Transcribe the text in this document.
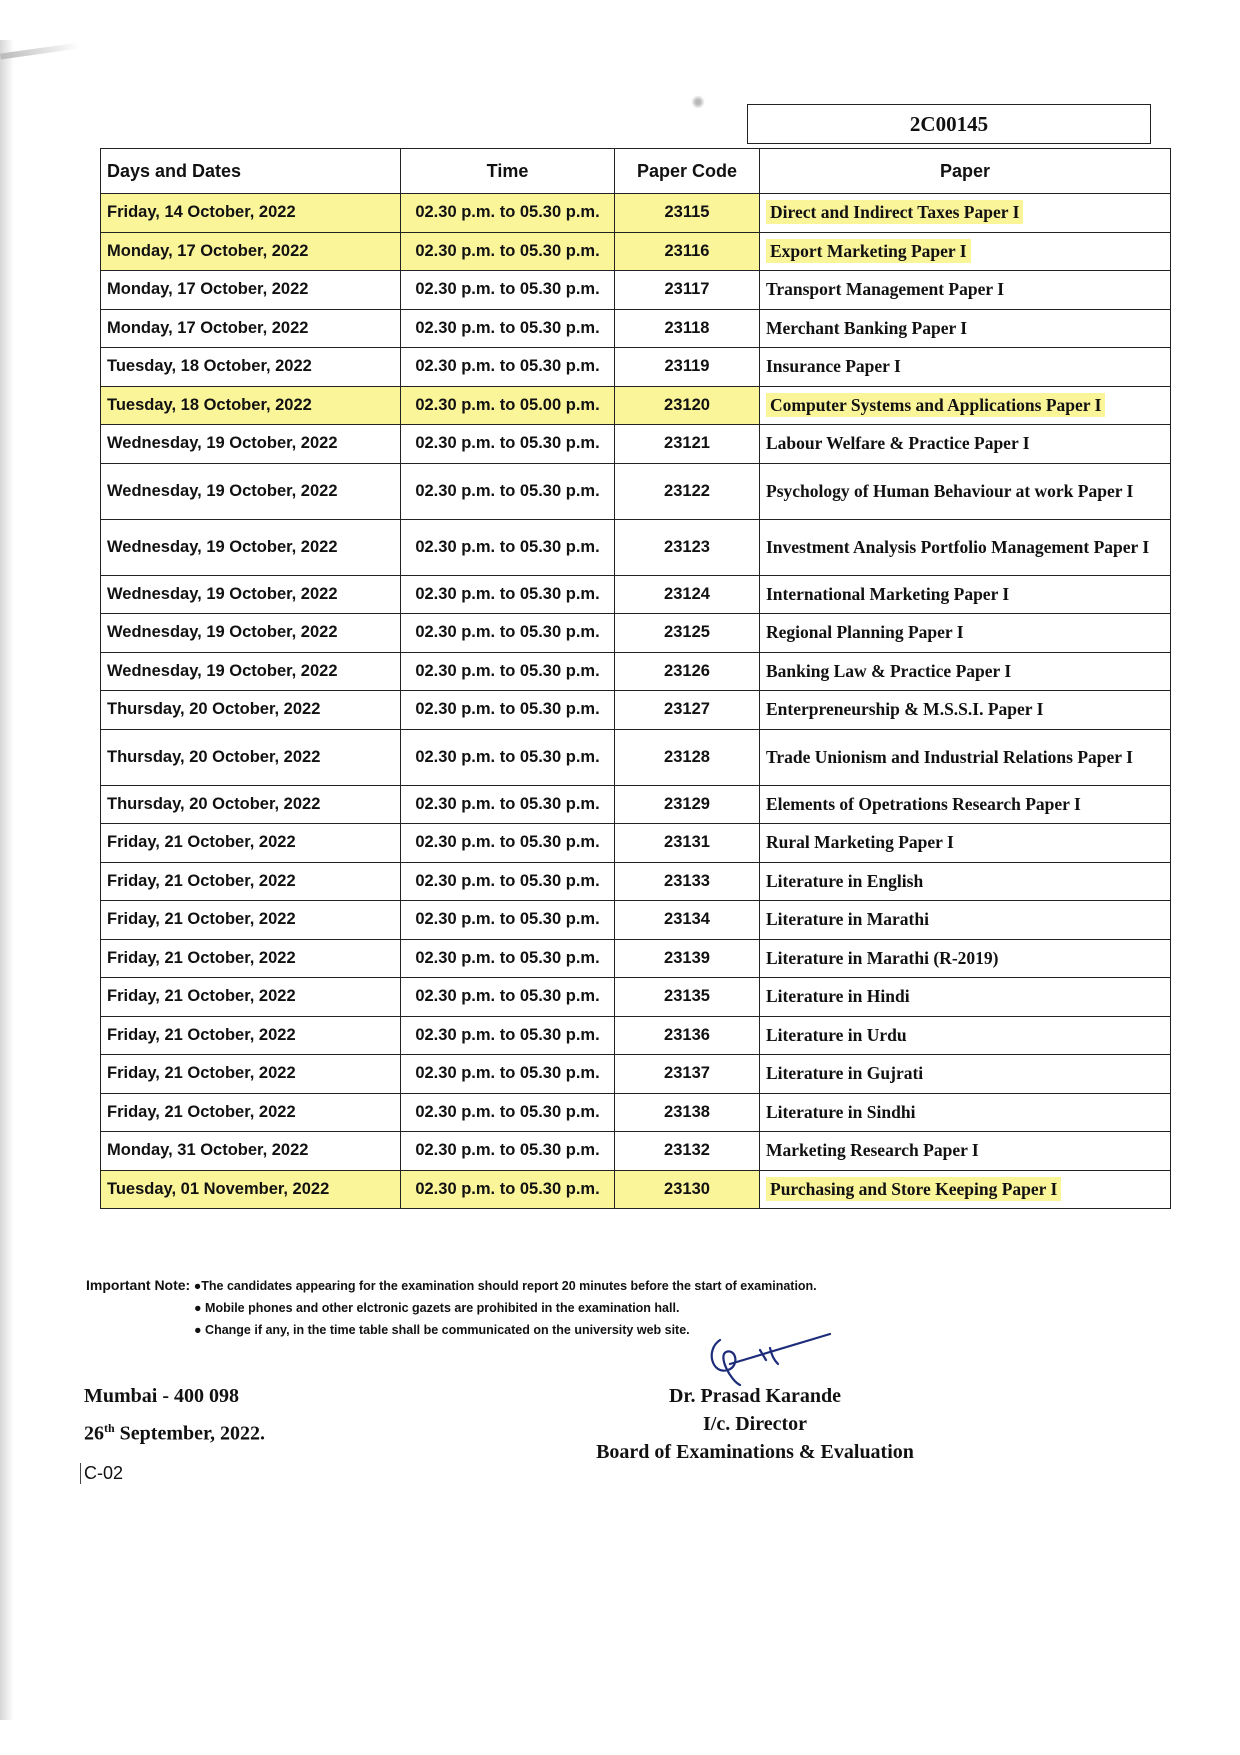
2C00145
Days and Dates	Time	Paper Code	Paper
Friday, 14 October, 2022	02.30 p.m. to 05.30 p.m.	23115	Direct and Indirect Taxes Paper I
Monday, 17 October, 2022	02.30 p.m. to 05.30 p.m.	23116	Export Marketing Paper I
Monday, 17 October, 2022	02.30 p.m. to 05.30 p.m.	23117	Transport Management Paper I
Monday, 17 October, 2022	02.30 p.m. to 05.30 p.m.	23118	Merchant Banking Paper I
Tuesday, 18 October, 2022	02.30 p.m. to 05.30 p.m.	23119	Insurance Paper I
Tuesday, 18 October, 2022	02.30 p.m. to 05.00 p.m.	23120	Computer Systems and Applications Paper I
Wednesday, 19 October, 2022	02.30 p.m. to 05.30 p.m.	23121	Labour Welfare & Practice Paper I
Wednesday, 19 October, 2022	02.30 p.m. to 05.30 p.m.	23122	Psychology of Human Behaviour at work Paper I
Wednesday, 19 October, 2022	02.30 p.m. to 05.30 p.m.	23123	Investment Analysis Portfolio Management Paper I
Wednesday, 19 October, 2022	02.30 p.m. to 05.30 p.m.	23124	International Marketing Paper I
Wednesday, 19 October, 2022	02.30 p.m. to 05.30 p.m.	23125	Regional Planning Paper I
Wednesday, 19 October, 2022	02.30 p.m. to 05.30 p.m.	23126	Banking Law & Practice Paper I
Thursday, 20 October, 2022	02.30 p.m. to 05.30 p.m.	23127	Enterpreneurship & M.S.S.I. Paper I
Thursday, 20 October, 2022	02.30 p.m. to 05.30 p.m.	23128	Trade Unionism and Industrial Relations Paper I
Thursday, 20 October, 2022	02.30 p.m. to 05.30 p.m.	23129	Elements of Opetrations Research Paper I
Friday, 21 October, 2022	02.30 p.m. to 05.30 p.m.	23131	Rural Marketing Paper I
Friday, 21 October, 2022	02.30 p.m. to 05.30 p.m.	23133	Literature in English
Friday, 21 October, 2022	02.30 p.m. to 05.30 p.m.	23134	Literature in Marathi
Friday, 21 October, 2022	02.30 p.m. to 05.30 p.m.	23139	Literature in Marathi (R-2019)
Friday, 21 October, 2022	02.30 p.m. to 05.30 p.m.	23135	Literature in Hindi
Friday, 21 October, 2022	02.30 p.m. to 05.30 p.m.	23136	Literature in Urdu
Friday, 21 October, 2022	02.30 p.m. to 05.30 p.m.	23137	Literature in Gujrati
Friday, 21 October, 2022	02.30 p.m. to 05.30 p.m.	23138	Literature in Sindhi
Monday, 31 October, 2022	02.30 p.m. to 05.30 p.m.	23132	Marketing Research Paper I
Tuesday, 01 November, 2022	02.30 p.m. to 05.30 p.m.	23130	Purchasing and Store Keeping Paper I
Important Note: ●The candidates appearing for the examination should report 20 minutes before the start of examination.
● Mobile phones and other elctronic gazets are prohibited in the examination hall.
● Change if any, in the time table shall be communicated on the university web site.
Mumbai - 400 098
26th September, 2022.
C-02
Dr. Prasad Karande
I/c. Director
Board of Examinations & Evaluation
